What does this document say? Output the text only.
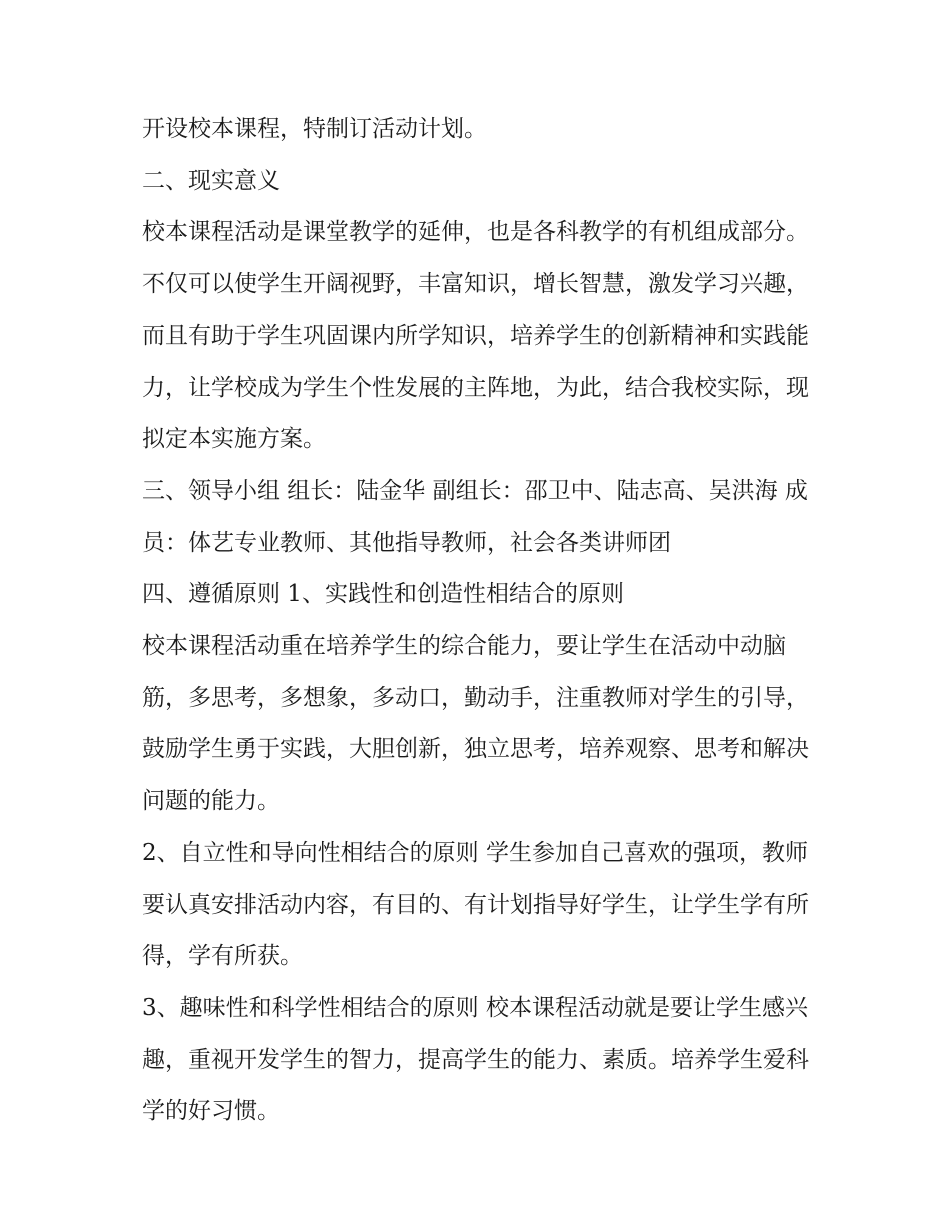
开设校本课程，特制订活动计划。

二、现实意义

校本课程活动是课堂教学的延伸，也是各科教学的有机组成部分。不仅可以使学生开阔视野，丰富知识，增长智慧，激发学习兴趣，而且有助于学生巩固课内所学知识，培养学生的创新精神和实践能力，让学校成为学生个性发展的主阵地，为此，结合我校实际，现拟定本实施方案。

三、领导小组 组长：陆金华 副组长：邵卫中、陆志高、吴洪海 成员：体艺专业教师、其他指导教师，社会各类讲师团

四、遵循原则 1、实践性和创造性相结合的原则

校本课程活动重在培养学生的综合能力，要让学生在活动中动脑筋，多思考，多想象，多动口，勤动手，注重教师对学生的引导，鼓励学生勇于实践，大胆创新，独立思考，培养观察、思考和解决问题的能力。

2、自立性和导向性相结合的原则 学生参加自己喜欢的强项，教师要认真安排活动内容，有目的、有计划指导好学生，让学生学有所得，学有所获。

3、趣味性和科学性相结合的原则 校本课程活动就是要让学生感兴趣，重视开发学生的智力，提高学生的能力、素质。培养学生爱科学的好习惯。
